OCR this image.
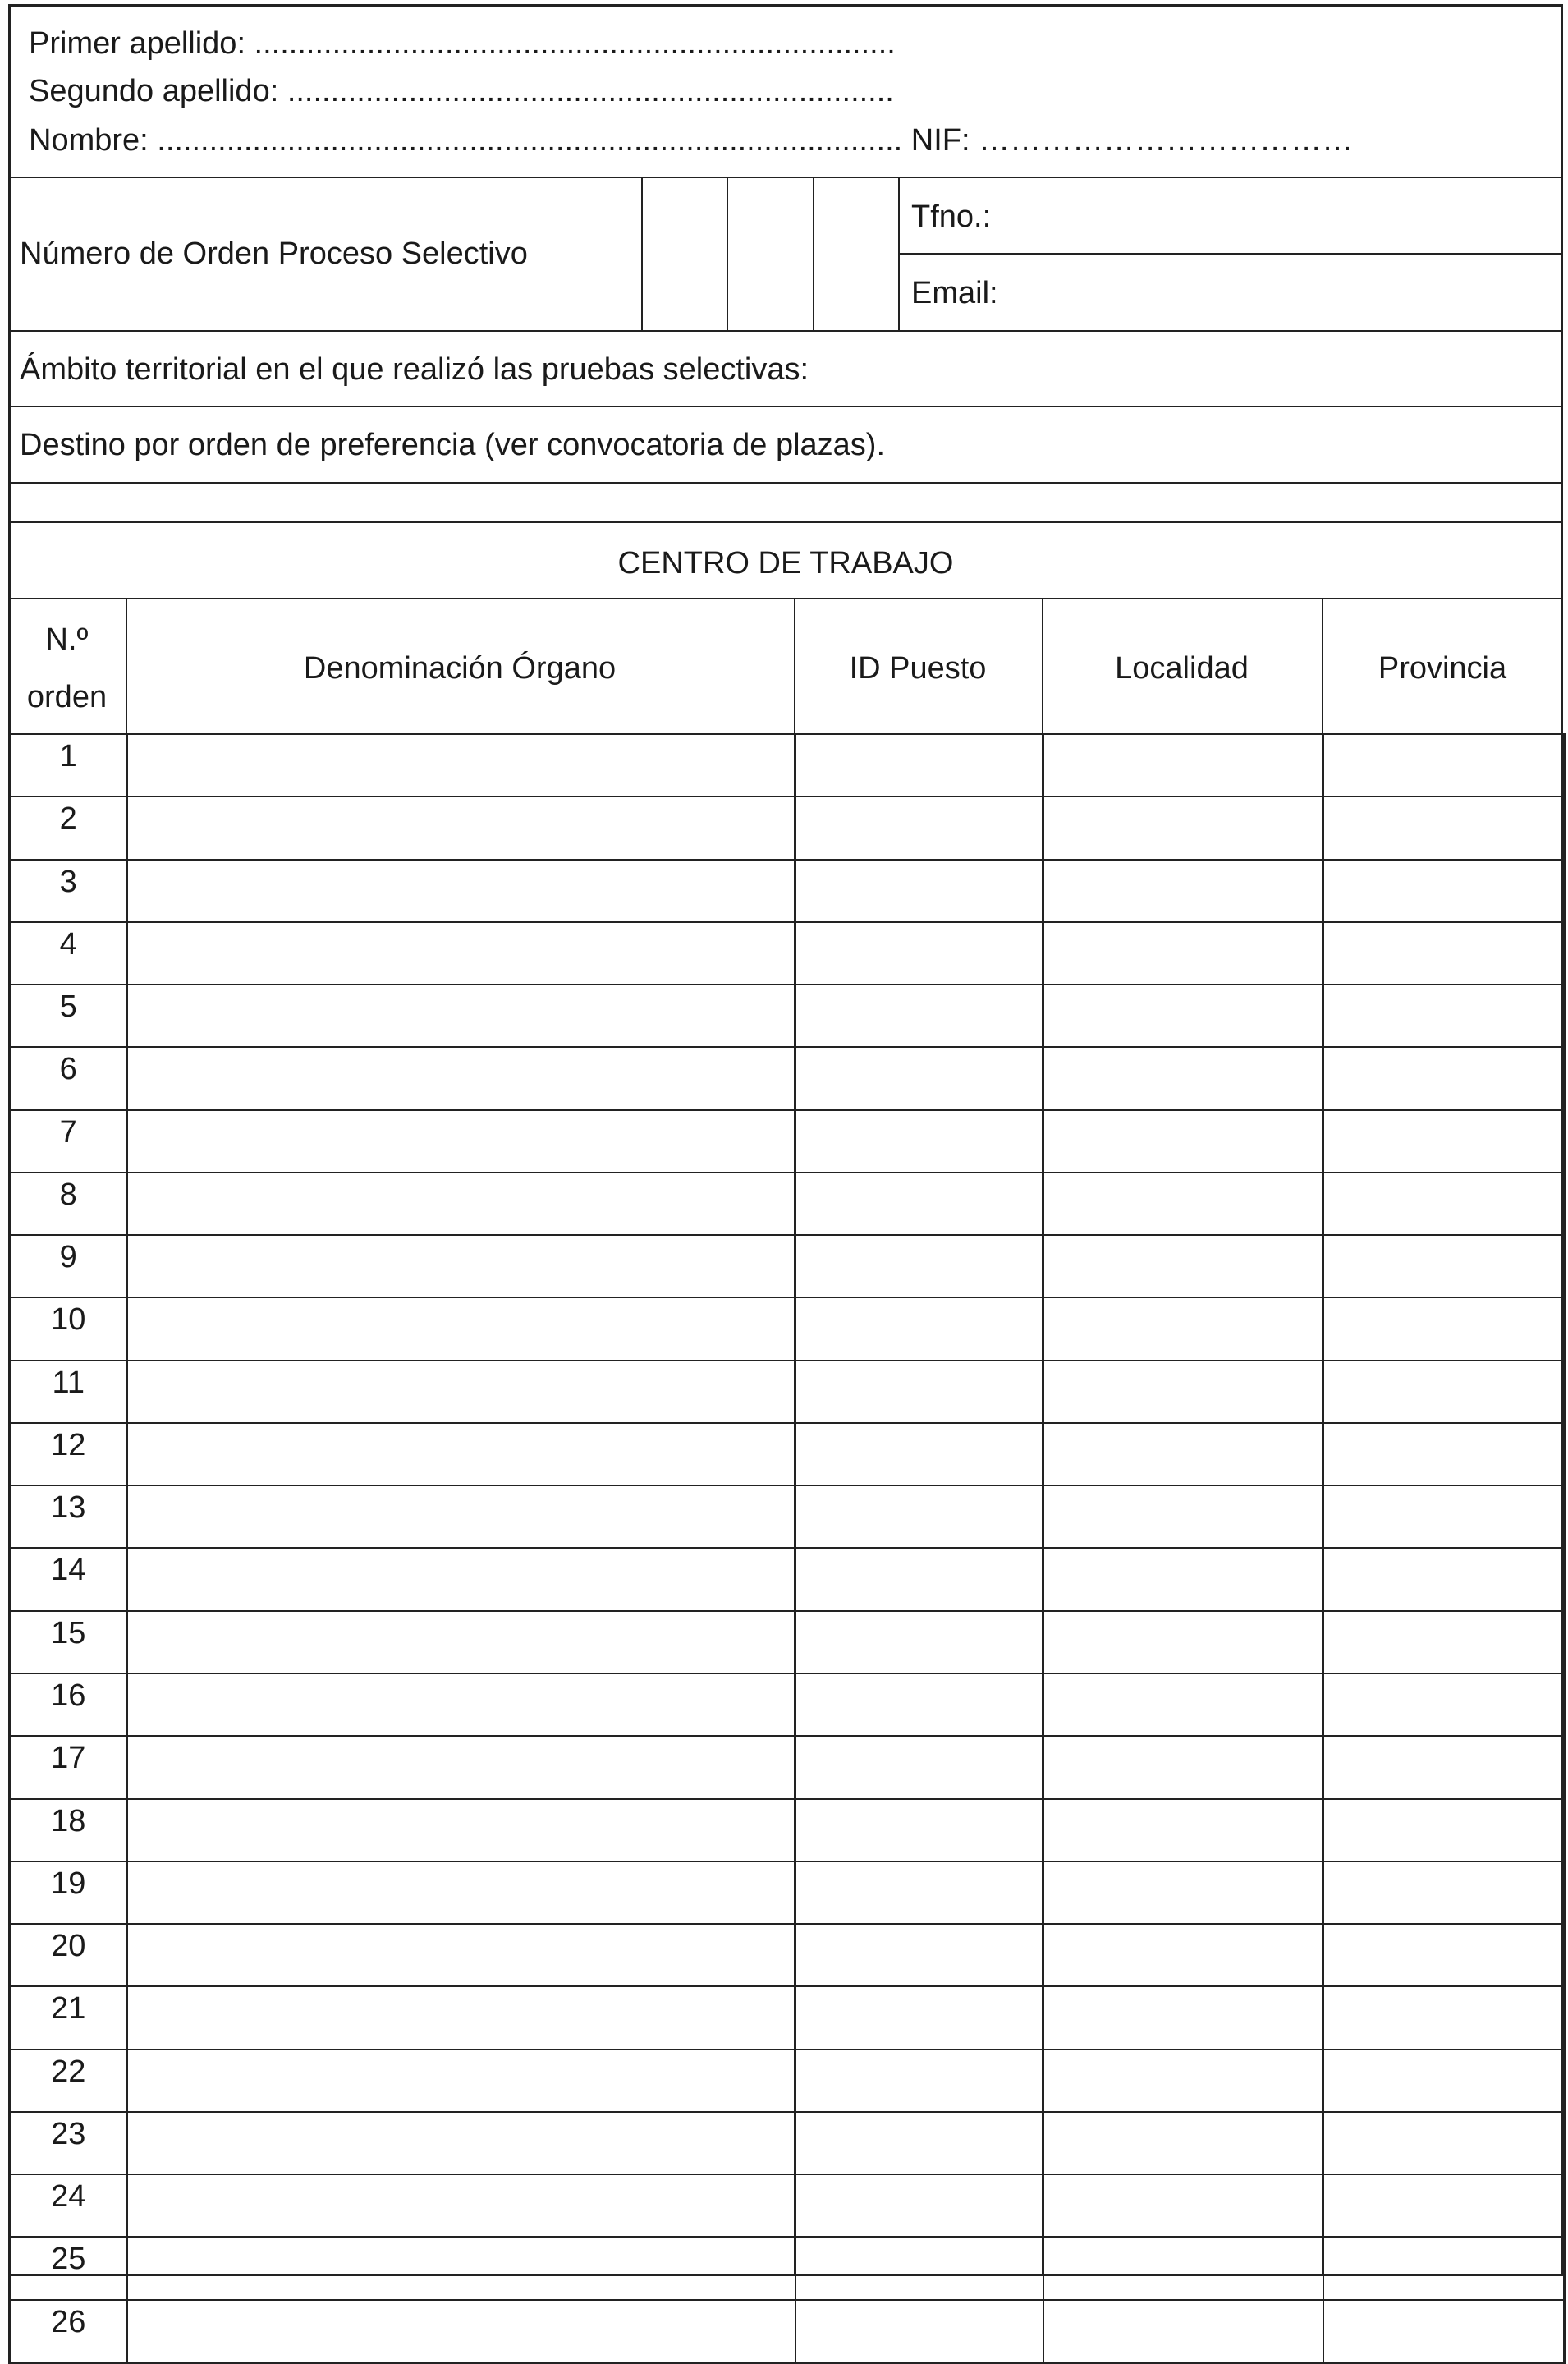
Primer apellido: ..........................................................................
Segundo apellido: ......................................................................
Nombre: ...................................................................................... NIF: ………………………………
Número de Orden Proceso Selectivo
Tfno.:
Email:
Ámbito territorial en el que realizó las pruebas selectivas:
Destino por orden de preferencia (ver convocatoria de plazas).
CENTRO DE TRABAJO
N.º
orden
Denominación Órgano	ID Puesto	Localidad	Provincia
1				
2				
3				
4				
5				
6				
7				
8				
9				
10				
11				
12				
13				
14				
15				
16				
17				
18				
19				
20				
21				
22				
23				
24				
25				
26				
